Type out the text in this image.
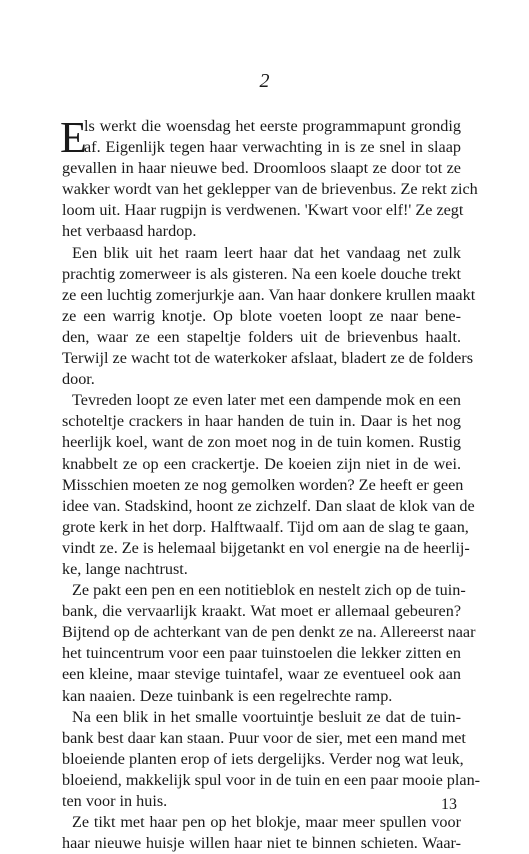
2
E
ls werkt die woensdag het eerste programmapunt grondig
af. Eigenlijk tegen haar verwachting in is ze snel in slaap
gevallen in haar nieuwe bed. Droomloos slaapt ze door tot ze
wakker wordt van het geklepper van de brievenbus. Ze rekt zich
loom uit. Haar rugpijn is verdwenen. 'Kwart voor elf!' Ze zegt
het verbaasd hardop.
Een blik uit het raam leert haar dat het vandaag net zulk
prachtig zomerweer is als gisteren. Na een koele douche trekt
ze een luchtig zomerjurkje aan. Van haar donkere krullen maakt
ze een warrig knotje. Op blote voeten loopt ze naar bene-
den, waar ze een stapeltje folders uit de brievenbus haalt.
Terwijl ze wacht tot de waterkoker afslaat, bladert ze de folders
door.
Tevreden loopt ze even later met een dampende mok en een
schoteltje crackers in haar handen de tuin in. Daar is het nog
heerlijk koel, want de zon moet nog in de tuin komen. Rustig
knabbelt ze op een crackertje. De koeien zijn niet in de wei.
Misschien moeten ze nog gemolken worden? Ze heeft er geen
idee van. Stadskind, hoont ze zichzelf. Dan slaat de klok van de
grote kerk in het dorp. Halftwaalf. Tijd om aan de slag te gaan,
vindt ze. Ze is helemaal bijgetankt en vol energie na de heerlij-
ke, lange nachtrust.
Ze pakt een pen en een notitieblok en nestelt zich op de tuin-
bank, die vervaarlijk kraakt. Wat moet er allemaal gebeuren?
Bijtend op de achterkant van de pen denkt ze na. Allereerst naar
het tuincentrum voor een paar tuinstoelen die lekker zitten en
een kleine, maar stevige tuintafel, waar ze eventueel ook aan
kan naaien. Deze tuinbank is een regelrechte ramp.
Na een blik in het smalle voortuintje besluit ze dat de tuin-
bank best daar kan staan. Puur voor de sier, met een mand met
bloeiende planten erop of iets dergelijks. Verder nog wat leuk,
bloeiend, makkelijk spul voor in de tuin en een paar mooie plan-
ten voor in huis.
Ze tikt met haar pen op het blokje, maar meer spullen voor
haar nieuwe huisje willen haar niet te binnen schieten. Waar-
13
